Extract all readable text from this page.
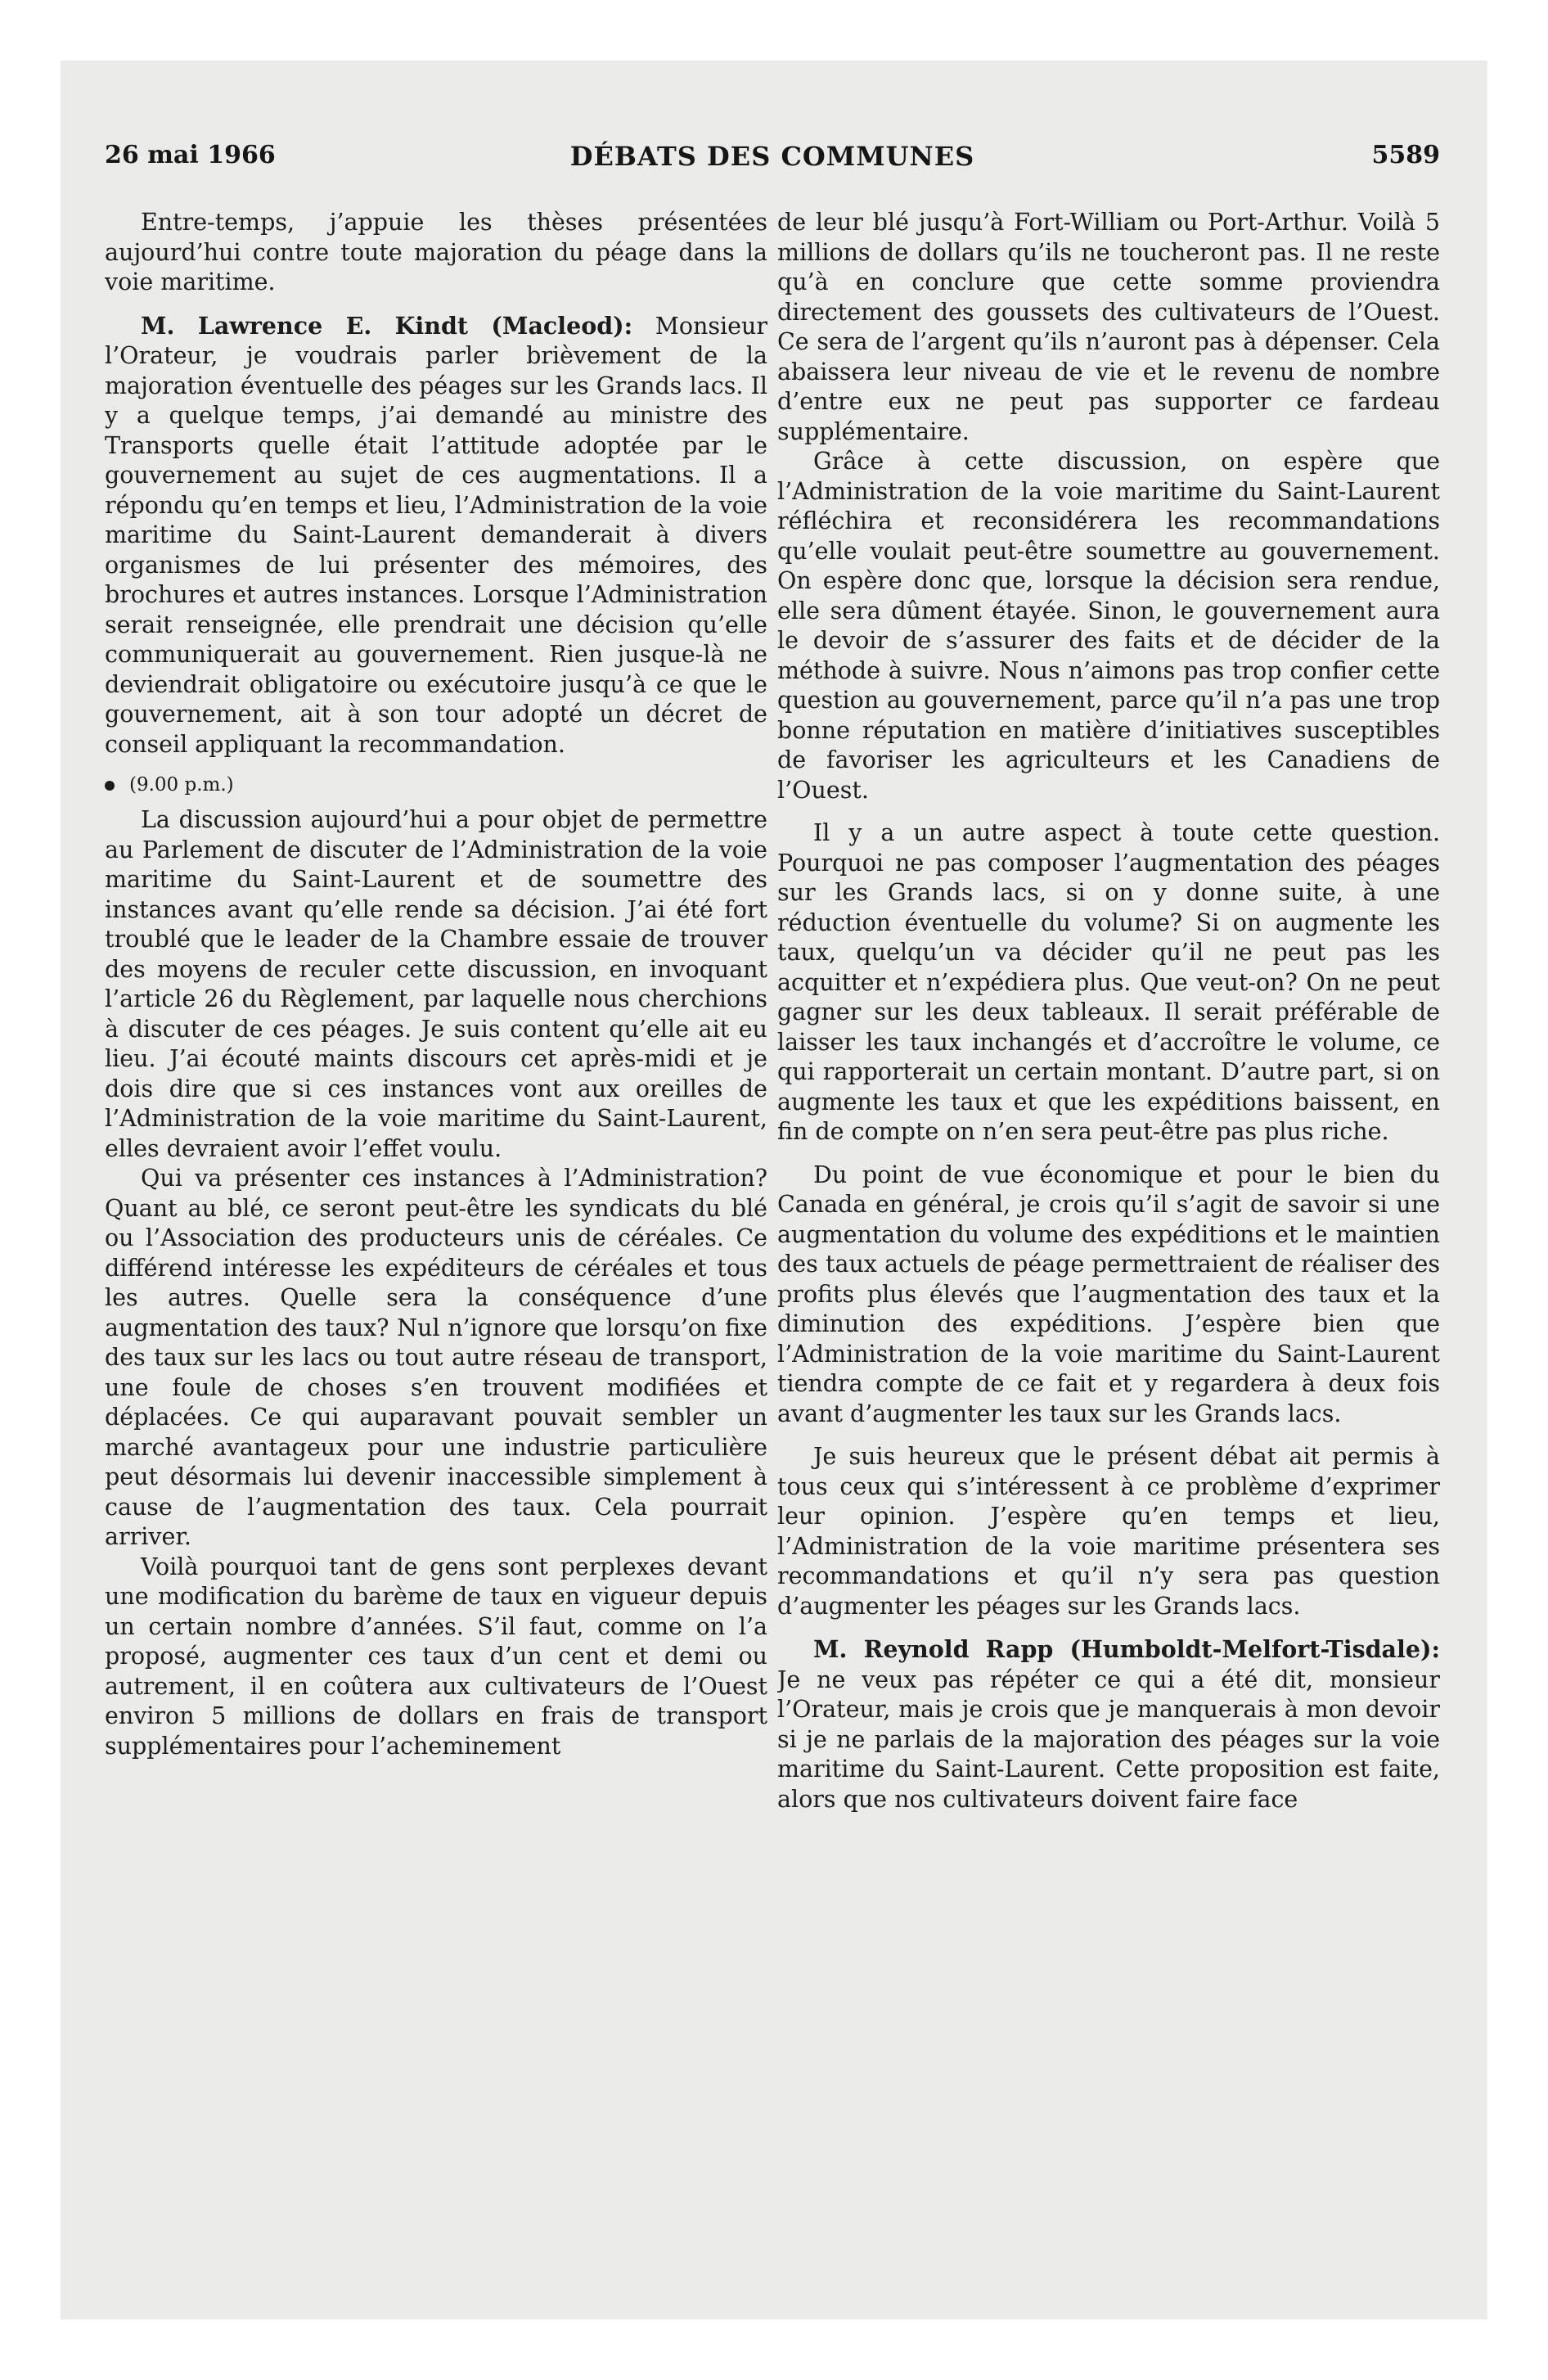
26 mai 1966	DÉBATS DES COMMUNES	5589

Entre-temps, j’appuie les thèses présentées aujourd’hui contre toute majoration du péage dans la voie maritime.

M. Lawrence E. Kindt (Macleod): Monsieur l’Orateur, je voudrais parler brièvement de la majoration éventuelle des péages sur les Grands lacs. Il y a quelque temps, j’ai demandé au ministre des Transports quelle était l’attitude adoptée par le gouvernement au sujet de ces augmentations. Il a répondu qu’en temps et lieu, l’Administration de la voie maritime du Saint-Laurent demanderait à divers organismes de lui présenter des mémoires, des brochures et autres instances. Lorsque l’Administration serait renseignée, elle prendrait une décision qu’elle communiquerait au gouvernement. Rien jusque-là ne deviendrait obligatoire ou exécutoire jusqu’à ce que le gouvernement, ait à son tour adopté un décret de conseil appliquant la recommandation.

(9.00 p.m.)

La discussion aujourd’hui a pour objet de permettre au Parlement de discuter de l’Administration de la voie maritime du Saint-Laurent et de soumettre des instances avant qu’elle rende sa décision. J’ai été fort troublé que le leader de la Chambre essaie de trouver des moyens de reculer cette discussion, en invoquant l’article 26 du Règlement, par laquelle nous cherchions à discuter de ces péages. Je suis content qu’elle ait eu lieu. J’ai écouté maints discours cet après-midi et je dois dire que si ces instances vont aux oreilles de l’Administration de la voie maritime du Saint-Laurent, elles devraient avoir l’effet voulu.

Qui va présenter ces instances à l’Administration? Quant au blé, ce seront peut-être les syndicats du blé ou l’Association des producteurs unis de céréales. Ce différend intéresse les expéditeurs de céréales et tous les autres. Quelle sera la conséquence d’une augmentation des taux? Nul n’ignore que lorsqu’on fixe des taux sur les lacs ou tout autre réseau de transport, une foule de choses s’en trouvent modifiées et déplacées. Ce qui auparavant pouvait sembler un marché avantageux pour une industrie particulière peut désormais lui devenir inaccessible simplement à cause de l’augmentation des taux. Cela pourrait arriver.

Voilà pourquoi tant de gens sont perplexes devant une modification du barème de taux en vigueur depuis un certain nombre d’années. S’il faut, comme on l’a proposé, augmenter ces taux d’un cent et demi ou autrement, il en coûtera aux cultivateurs de l’Ouest environ 5 millions de dollars en frais de transport supplémentaires pour l’acheminement

de leur blé jusqu’à Fort-William ou Port-Arthur. Voilà 5 millions de dollars qu’ils ne toucheront pas. Il ne reste qu’à en conclure que cette somme proviendra directement des goussets des cultivateurs de l’Ouest. Ce sera de l’argent qu’ils n’auront pas à dépenser. Cela abaissera leur niveau de vie et le revenu de nombre d’entre eux ne peut pas supporter ce fardeau supplémentaire.

Grâce à cette discussion, on espère que l’Administration de la voie maritime du Saint-Laurent réfléchira et reconsidérera les recommandations qu’elle voulait peut-être soumettre au gouvernement. On espère donc que, lorsque la décision sera rendue, elle sera dûment étayée. Sinon, le gouvernement aura le devoir de s’assurer des faits et de décider de la méthode à suivre. Nous n’aimons pas trop confier cette question au gouvernement, parce qu’il n’a pas une trop bonne réputation en matière d’initiatives susceptibles de favoriser les agriculteurs et les Canadiens de l’Ouest.

Il y a un autre aspect à toute cette question. Pourquoi ne pas composer l’augmentation des péages sur les Grands lacs, si on y donne suite, à une réduction éventuelle du volume? Si on augmente les taux, quelqu’un va décider qu’il ne peut pas les acquitter et n’expédiera plus. Que veut-on? On ne peut gagner sur les deux tableaux. Il serait préférable de laisser les taux inchangés et d’accroître le volume, ce qui rapporterait un certain montant. D’autre part, si on augmente les taux et que les expéditions baissent, en fin de compte on n’en sera peut-être pas plus riche.

Du point de vue économique et pour le bien du Canada en général, je crois qu’il s’agit de savoir si une augmentation du volume des expéditions et le maintien des taux actuels de péage permettraient de réaliser des profits plus élevés que l’augmentation des taux et la diminution des expéditions. J’espère bien que l’Administration de la voie maritime du Saint-Laurent tiendra compte de ce fait et y regardera à deux fois avant d’augmenter les taux sur les Grands lacs.

Je suis heureux que le présent débat ait permis à tous ceux qui s’intéressent à ce problème d’exprimer leur opinion. J’espère qu’en temps et lieu, l’Administration de la voie maritime présentera ses recommandations et qu’il n’y sera pas question d’augmenter les péages sur les Grands lacs.

M. Reynold Rapp (Humboldt-Melfort-Tisdale): Je ne veux pas répéter ce qui a été dit, monsieur l’Orateur, mais je crois que je manquerais à mon devoir si je ne parlais de la majoration des péages sur la voie maritime du Saint-Laurent. Cette proposition est faite, alors que nos cultivateurs doivent faire face
